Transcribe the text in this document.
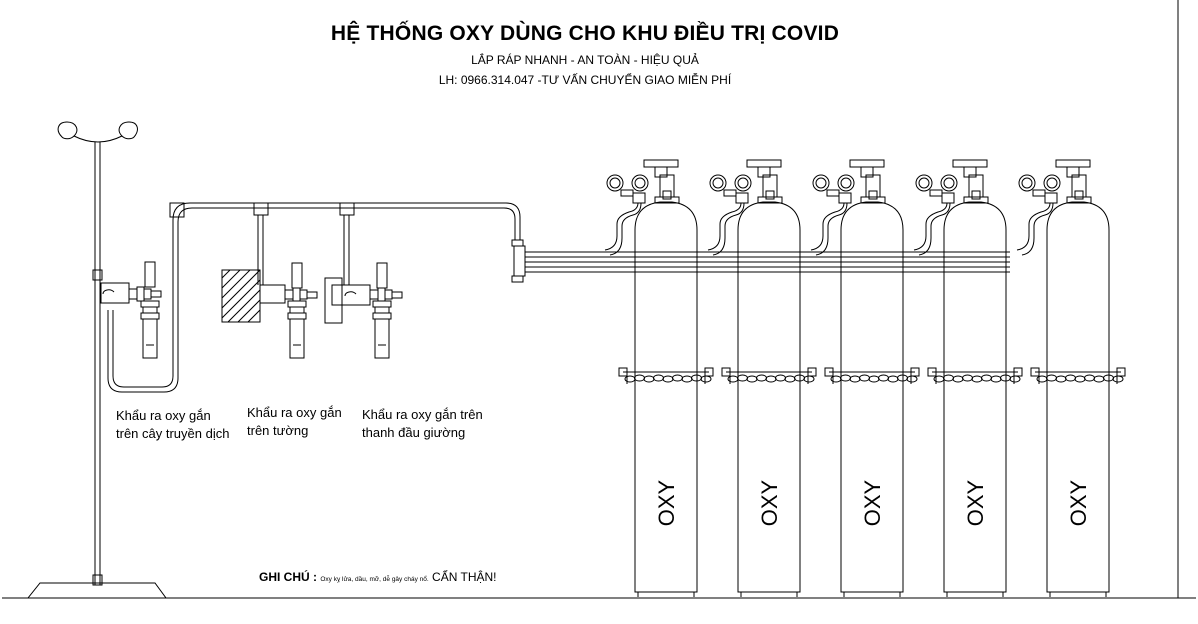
HỆ THỐNG OXY DÙNG CHO KHU ĐIỀU TRỊ COVID
LẮP RÁP NHANH - AN TOÀN - HIỆU QUẢ
LH: 0966.314.047 -TƯ VẤN CHUYỂN GIAO MIỄN PHÍ
OXY	OXY	OXY	OXY	OXY
Khẩu ra oxy gắn
trên cây truyền dịch
Khẩu ra oxy gắn
trên tường
Khẩu ra oxy gắn trên
thanh đầu giường
GHI CHÚ : Oxy kỵ lửa, dầu, mỡ, dễ gây cháy nổ. CẨN THẬN!
